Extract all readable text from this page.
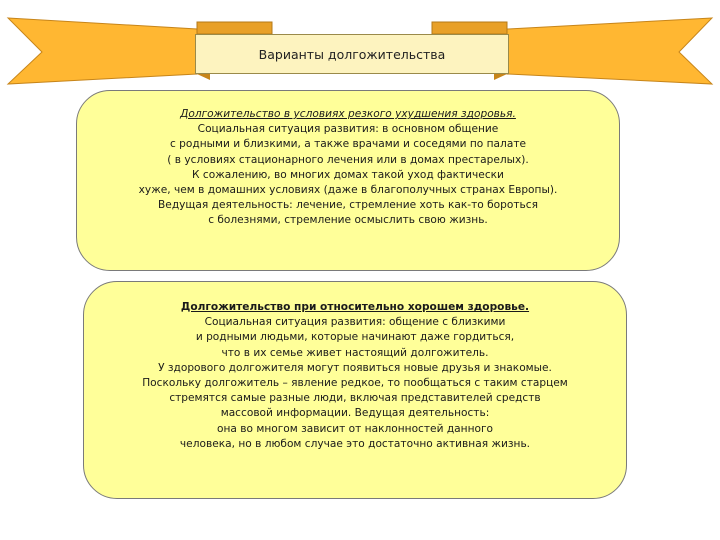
Варианты долгожительства
Долгожительство в условиях резкого ухудшения здоровья.
Социальная ситуация развития: в основном общение
с родными и близкими, а также врачами и соседями по палате
( в условиях стационарного лечения или в домах престарелых).
К сожалению, во многих домах такой уход фактически
хуже, чем в домашних условиях (даже в благополучных странах Европы).
Ведущая деятельность: лечение, стремление хоть как-то бороться
с болезнями, стремление осмыслить свою жизнь.
Долгожительство при относительно хорошем здоровье.
Социальная ситуация развития: общение с близкими
и родными людьми, которые начинают даже гордиться,
что в их семье живет настоящий долгожитель.
У здорового долгожителя могут появиться новые друзья и знакомые.
Поскольку долгожитель – явление редкое, то пообщаться с таким старцем
стремятся самые разные люди, включая представителей средств
массовой информации. Ведущая деятельность:
она во многом зависит от наклонностей данного
человека, но в любом случае это достаточно активная жизнь.
